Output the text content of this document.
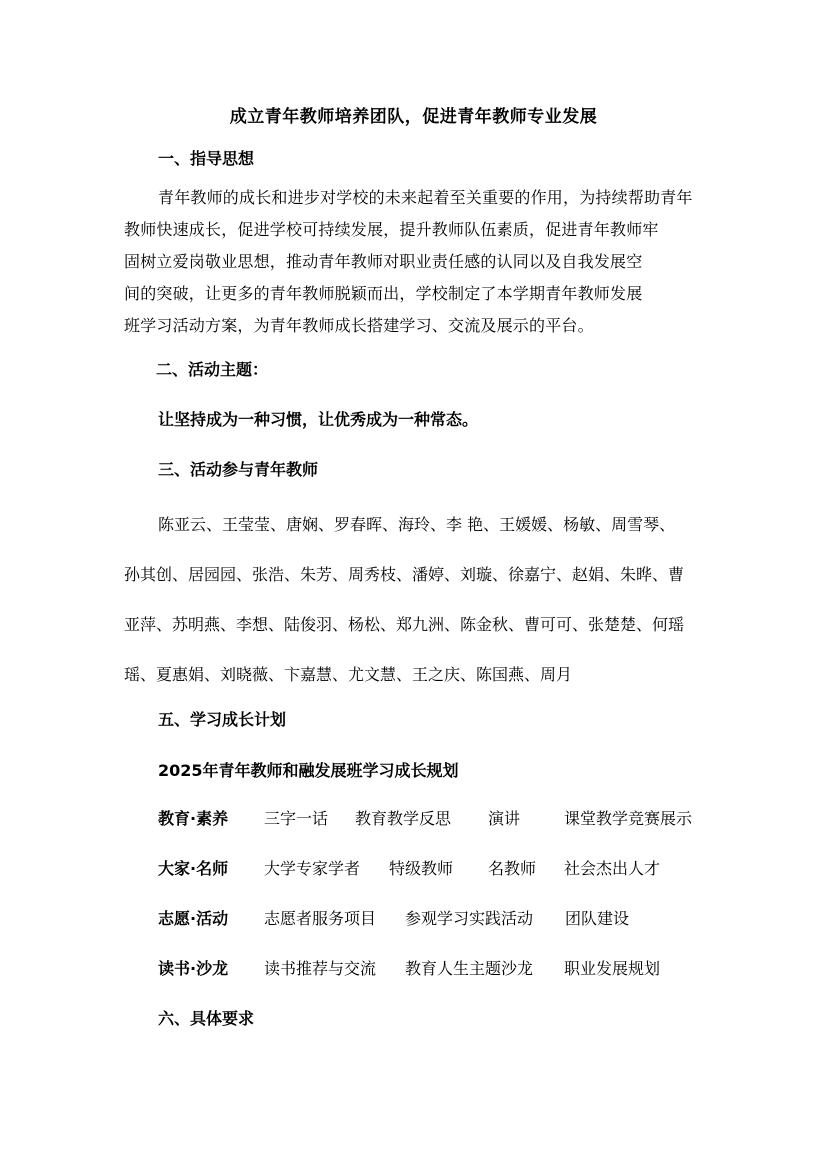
成立青年教师培养团队，促进青年教师专业发展
一、指导思想
青年教师的成长和进步对学校的未来起着至关重要的作用，为持续帮助青年
教师快速成长，促进学校可持续发展，提升教师队伍素质，促进青年教师牢
固树立爱岗敬业思想，推动青年教师对职业责任感的认同以及自我发展空
间的突破，让更多的青年教师脱颖而出，学校制定了本学期青年教师发展
班学习活动方案，为青年教师成长搭建学习、交流及展示的平台。
二、活动主题：
让坚持成为一种习惯，让优秀成为一种常态。
三、活动参与青年教师
陈亚云、王莹莹、唐娴、罗春晖、海玲、李 艳、王媛媛、杨敏、周雪琴、
孙其创、居园园、张浩、朱芳、周秀枝、潘婷、刘璇、徐嘉宁、赵娟、朱晔、曹
亚萍、苏明燕、李想、陆俊羽、杨松、郑九洲、陈金秋、曹可可、张楚楚、何瑶
瑶、夏惠娟、刘晓薇、卞嘉慧、尤文慧、王之庆、陈国燕、周月
五、学习成长计划
2025年青年教师和融发展班学习成长规划
教育·素养 三字一话 教育教学反思 演讲	课堂教学竞赛展示
大家·名师 大学专家学者 特级教师 名教师 社会杰出人才
志愿·活动 志愿者服务项目 参观学习实践活动 团队建设
读书·沙龙 读书推荐与交流 教育人生主题沙龙 职业发展规划
六、具体要求
